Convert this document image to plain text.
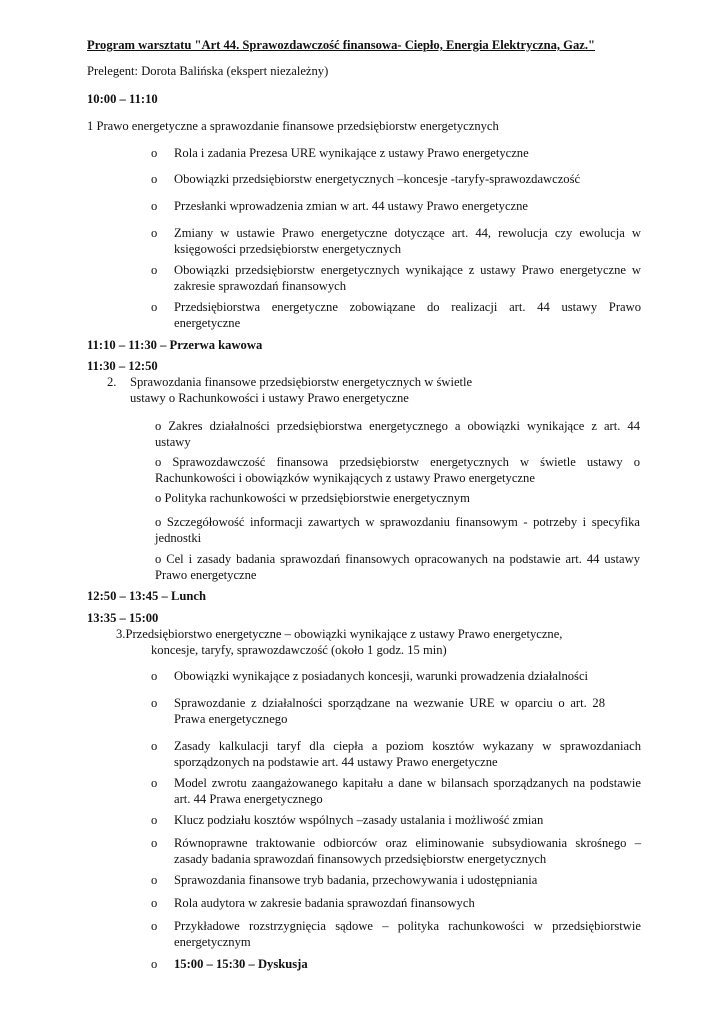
Program warsztatu "Art 44. Sprawozdawczość finansowa- Ciepło, Energia Elektryczna, Gaz."
Prelegent: Dorota Balińska (ekspert niezależny)
10:00 – 11:10
1 Prawo energetyczne a sprawozdanie finansowe przedsiębiorstw energetycznych
o	Rola i zadania Prezesa URE wynikające z ustawy Prawo energetyczne
o	Obowiązki przedsiębiorstw energetycznych –koncesje -taryfy-sprawozdawczość
o	Przesłanki wprowadzenia zmian w art. 44 ustawy Prawo energetyczne
o	Zmiany w ustawie Prawo energetyczne dotyczące art. 44, rewolucja czy ewolucja w księgowości przedsiębiorstw energetycznych
o	Obowiązki przedsiębiorstw energetycznych wynikające z ustawy Prawo energetyczne w zakresie sprawozdań finansowych
o	Przedsiębiorstwa energetyczne zobowiązane do realizacji art. 44 ustawy Prawo energetyczne
11:10 – 11:30 – Przerwa kawowa
11:30 – 12:50
2. Sprawozdania finansowe przedsiębiorstw energetycznych w świetle
ustawy o Rachunkowości i ustawy Prawo energetyczne
o Zakres działalności przedsiębiorstwa energetycznego a obowiązki wynikające z art. 44 ustawy
o Sprawozdawczość finansowa przedsiębiorstw energetycznych w świetle ustawy o Rachunkowości i obowiązków wynikających z ustawy Prawo energetyczne
o Polityka rachunkowości w przedsiębiorstwie energetycznym
o Szczegółowość informacji zawartych w sprawozdaniu finansowym - potrzeby i specyfika jednostki
o Cel i zasady badania sprawozdań finansowych opracowanych na podstawie art. 44 ustawy Prawo energetyczne
12:50 – 13:45 – Lunch
13:35 – 15:00
3.Przedsiębiorstwo energetyczne – obowiązki wynikające z ustawy Prawo energetyczne,
koncesje, taryfy, sprawozdawczość (około 1 godz. 15 min)
o	Obowiązki wynikające z posiadanych koncesji, warunki prowadzenia działalności
o	Sprawozdanie z działalności sporządzane na wezwanie URE w oparciu o art. 28 Prawa energetycznego
o	Zasady kalkulacji taryf dla ciepła a poziom kosztów wykazany w sprawozdaniach sporządzonych na podstawie art. 44 ustawy Prawo energetyczne
o	Model zwrotu zaangażowanego kapitału a dane w bilansach sporządzanych na podstawie art. 44 Prawa energetycznego
o	Klucz podziału kosztów wspólnych –zasady ustalania i możliwość zmian
o	Równoprawne traktowanie odbiorców oraz eliminowanie subsydiowania skrośnego – zasady badania sprawozdań finansowych przedsiębiorstw energetycznych
o	Sprawozdania finansowe tryb badania, przechowywania i udostępniania
o	Rola audytora w zakresie badania sprawozdań finansowych
o	Przykładowe rozstrzygnięcia sądowe – polityka rachunkowości w przedsiębiorstwie energetycznym
o	15:00 – 15:30 – Dyskusja
